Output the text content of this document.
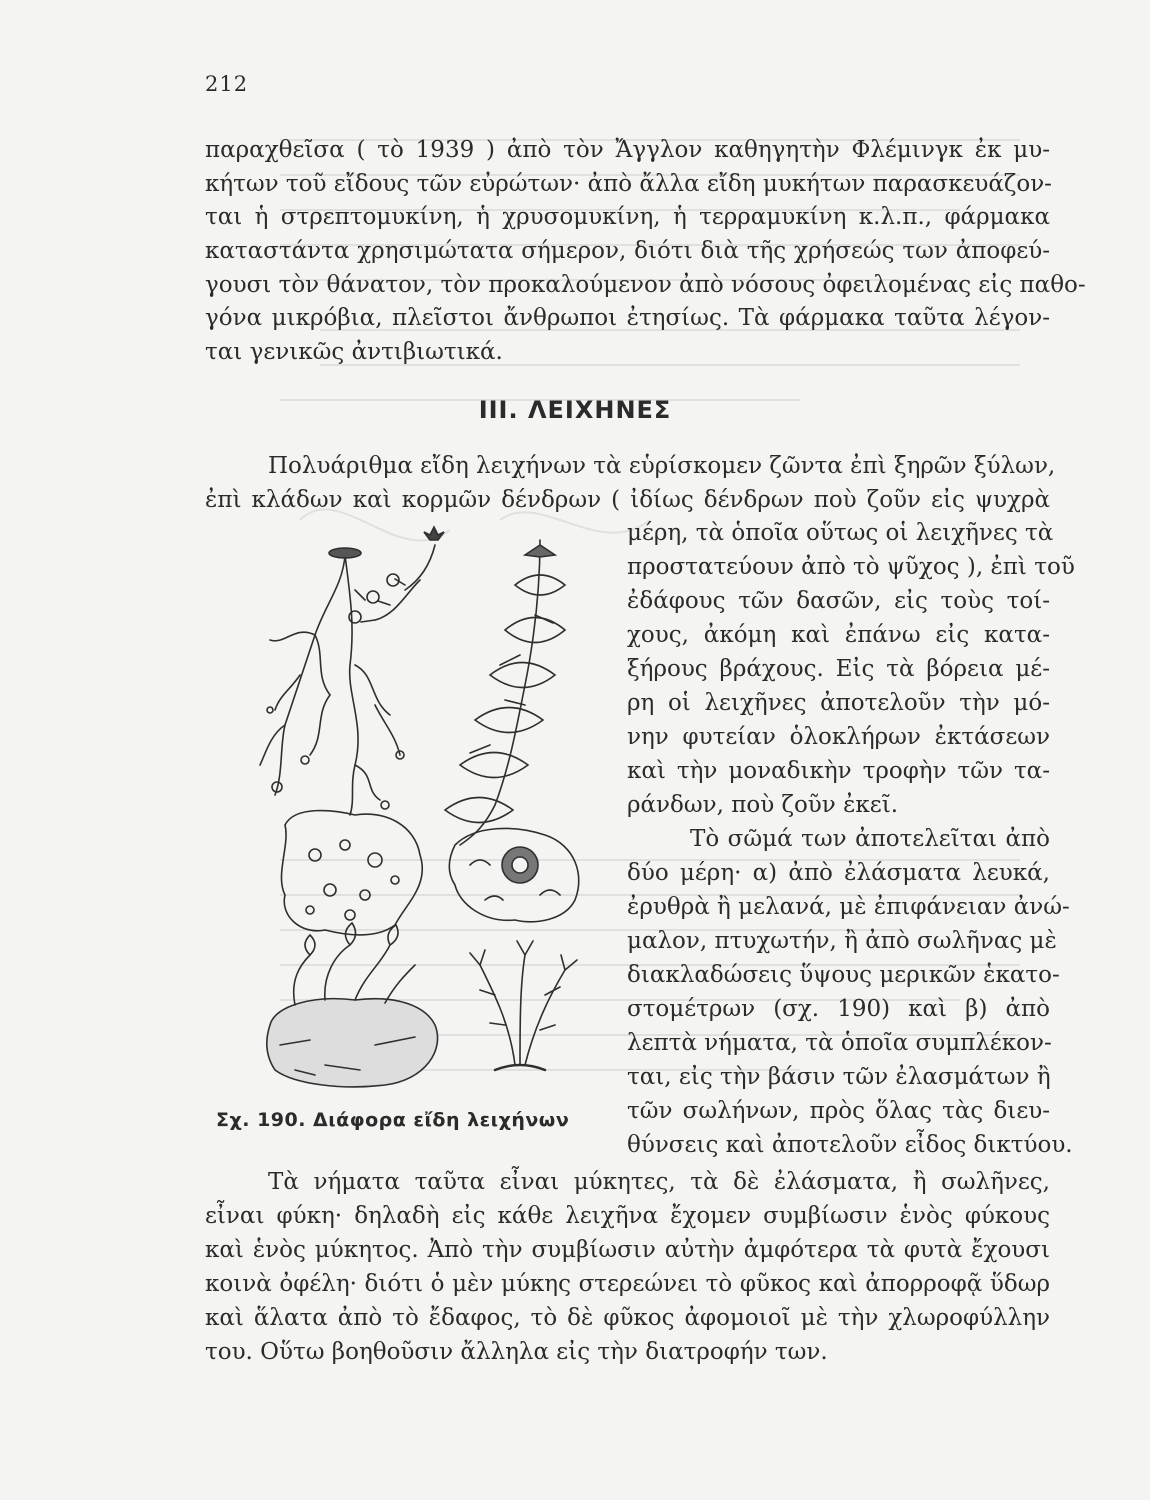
212
παραχθεῖσα ( τὸ 1939 ) ἀπὸ τὸν Ἄγγλον καθηγητὴν Φλέμινγκ ἐκ μυ-
κήτων τοῦ εἴδους τῶν εὐρώτων· ἀπὸ ἄλλα εἴδη μυκήτων παρασκευάζον-
ται ἡ στρεπτομυκίνη, ἡ χρυσομυκίνη, ἡ τερραμυκίνη κ.λ.π., φάρμακα
καταστάντα χρησιμώτατα σήμερον, διότι διὰ τῆς χρήσεώς των ἀποφεύ-
γουσι τὸν θάνατον, τὸν προκαλούμενον ἀπὸ νόσους ὀφειλομένας εἰς παθο-
γόνα μικρόβια, πλεῖστοι ἄνθρωποι ἐτησίως. Τὰ φάρμακα ταῦτα λέγον-
ται γενικῶς ἀντιβιωτικά.
III. ΛΕΙΧΗΝΕΣ
Πολυάριθμα εἴδη λειχήνων τὰ εὑρίσκομεν ζῶντα ἐπὶ ξηρῶν ξύλων,
ἐπὶ κλάδων καὶ κορμῶν δένδρων ( ἰδίως δένδρων ποὺ ζοῦν εἰς ψυχρὰ
μέρη, τὰ ὁποῖα οὕτως οἱ λειχῆνες τὰ
προστατεύουν ἀπὸ τὸ ψῦχος ), ἐπὶ τοῦ
ἐδάφους τῶν δασῶν, εἰς τοὺς τοί-
χους, ἀκόμη καὶ ἐπάνω εἰς κατα-
ξήρους βράχους. Εἰς τὰ βόρεια μέ-
ρη οἱ λειχῆνες ἀποτελοῦν τὴν μό-
νην φυτείαν ὁλοκλήρων ἐκτάσεων
καὶ τὴν μοναδικὴν τροφὴν τῶν τα-
ράνδων, ποὺ ζοῦν ἐκεῖ.
Τὸ σῶμά των ἀποτελεῖται ἀπὸ
δύο μέρη· α) ἀπὸ ἐλάσματα λευκά,
ἐρυθρὰ ἢ μελανά, μὲ ἐπιφάνειαν ἀνώ-
μαλον, πτυχωτήν, ἢ ἀπὸ σωλῆνας μὲ
διακλαδώσεις ὕψους μερικῶν ἑκατο-
στομέτρων (σχ. 190) καὶ β) ἀπὸ
λεπτὰ νήματα, τὰ ὁποῖα συμπλέκον-
ται, εἰς τὴν βάσιν τῶν ἐλασμάτων ἢ
τῶν σωλήνων, πρὸς ὅλας τὰς διευ-
θύνσεις καὶ ἀποτελοῦν εἶδος δικτύου.
Σχ. 190. Διάφορα εἴδη λειχήνων
Τὰ νήματα ταῦτα εἶναι μύκητες, τὰ δὲ ἐλάσματα, ἢ σωλῆνες,
εἶναι φύκη· δηλαδὴ εἰς κάθε λειχῆνα ἔχομεν συμβίωσιν ἑνὸς φύκους
καὶ ἑνὸς μύκητος. Ἀπὸ τὴν συμβίωσιν αὐτὴν ἀμφότερα τὰ φυτὰ ἔχουσι
κοινὰ ὀφέλη· διότι ὁ μὲν μύκης στερεώνει τὸ φῦκος καὶ ἀπορροφᾷ ὕδωρ
καὶ ἅλατα ἀπὸ τὸ ἔδαφος, τὸ δὲ φῦκος ἀφομοιοῖ μὲ τὴν χλωροφύλλην
του. Οὕτω βοηθοῦσιν ἄλληλα εἰς τὴν διατροφήν των.
